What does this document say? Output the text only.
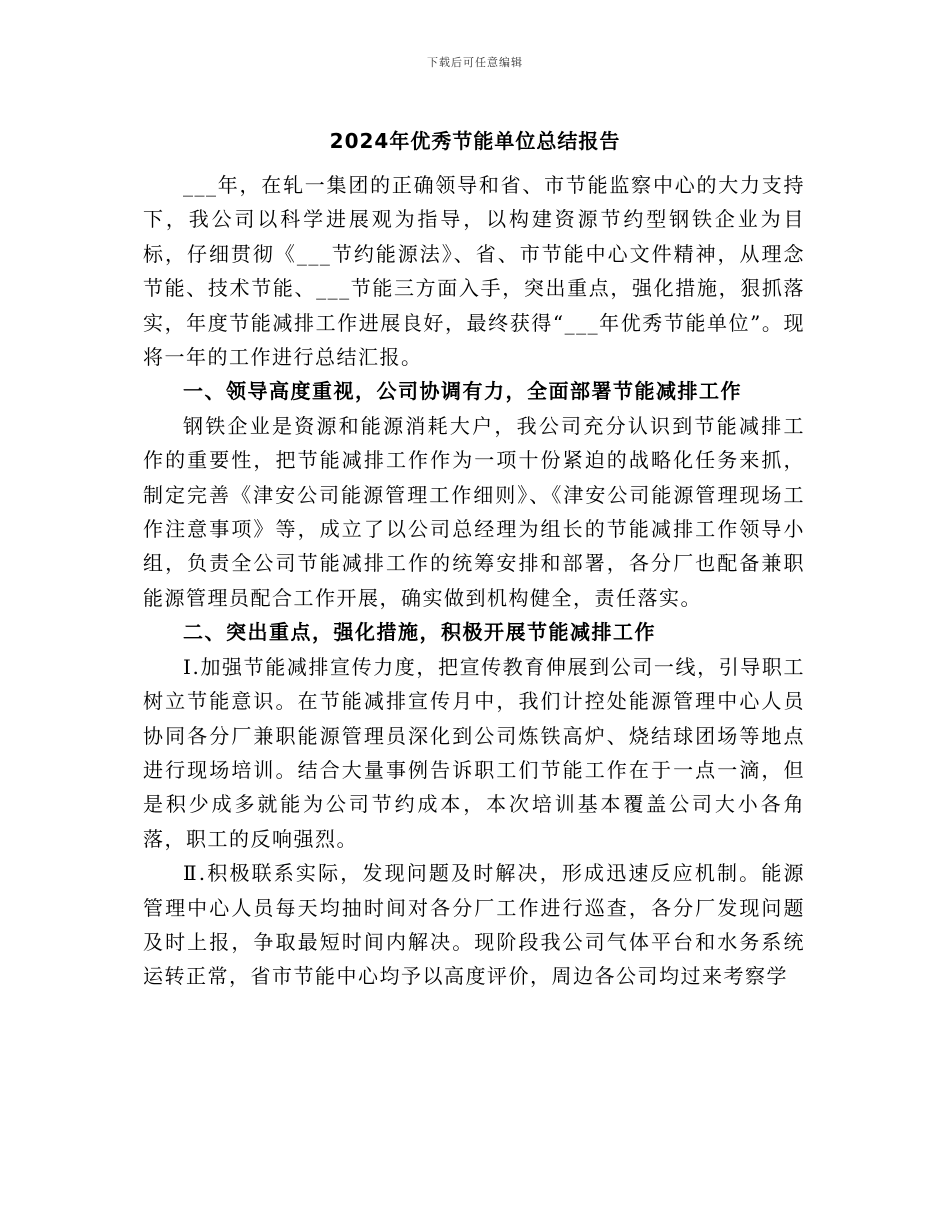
下载后可任意编辑
2024年优秀节能单位总结报告

___年，在轧一集团的正确领导和省、市节能监察中心的大力支持下，我公司以科学进展观为指导，以构建资源节约型钢铁企业为目标，仔细贯彻《___节约能源法》、省、市节能中心文件精神，从理念节能、技术节能、___节能三方面入手，突出重点，强化措施，狠抓落实，年度节能减排工作进展良好，最终获得“___年优秀节能单位”。现将一年的工作进行总结汇报。

一、领导高度重视，公司协调有力，全面部署节能减排工作

钢铁企业是资源和能源消耗大户，我公司充分认识到节能减排工作的重要性，把节能减排工作作为一项十份紧迫的战略化任务来抓，制定完善《津安公司能源管理工作细则》、《津安公司能源管理现场工作注意事项》等，成立了以公司总经理为组长的节能减排工作领导小组，负责全公司节能减排工作的统筹安排和部署，各分厂也配备兼职能源管理员配合工作开展，确实做到机构健全，责任落实。

二、突出重点，强化措施，积极开展节能减排工作

Ⅰ.加强节能减排宣传力度，把宣传教育伸展到公司一线，引导职工树立节能意识。在节能减排宣传月中，我们计控处能源管理中心人员协同各分厂兼职能源管理员深化到公司炼铁高炉、烧结球团场等地点进行现场培训。结合大量事例告诉职工们节能工作在于一点一滴，但是积少成多就能为公司节约成本，本次培训基本覆盖公司大小各角落，职工的反响强烈。

Ⅱ.积极联系实际，发现问题及时解决，形成迅速反应机制。能源管理中心人员每天均抽时间对各分厂工作进行巡查，各分厂发现问题及时上报，争取最短时间内解决。现阶段我公司气体平台和水务系统运转正常，省市节能中心均予以高度评价，周边各公司均过来考察学
